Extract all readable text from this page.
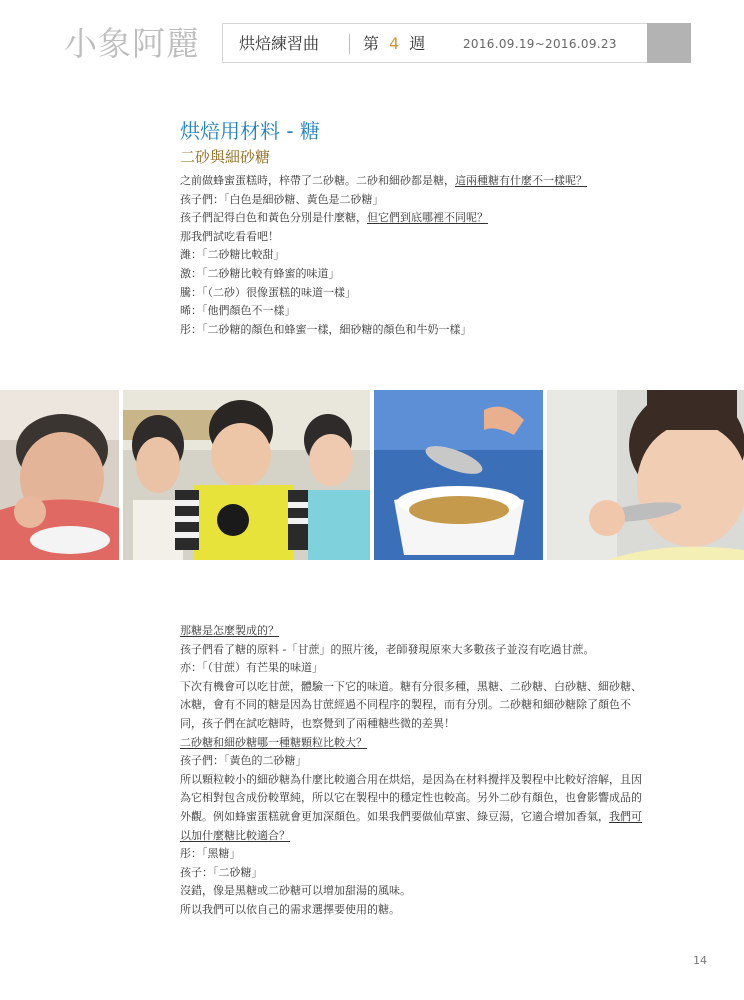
小象阿麗 烘焙練習曲	第 4 週	2016.09.19~2016.09.23
烘焙用材料 - 糖
二砂與細砂糖

之前做蜂蜜蛋糕時，梓帶了二砂糖。二砂和細砂都是糖，這兩種糖有什麼不一樣呢？

孩子們：「白色是細砂糖、黃色是二砂糖」

孩子們記得白色和黃色分別是什麼糖，但它們到底哪裡不同呢？

那我們試吃看看吧！

濰：「二砂糖比較甜」

激：「二砂糖比較有蜂蜜的味道」

騰：「（二砂）很像蛋糕的味道一樣」

晞：「他們顏色不一樣」

彤：「二砂糖的顏色和蜂蜜一樣，細砂糖的顏色和牛奶一樣」

那糖是怎麼製成的？

孩子們看了糖的原料 -「甘蔗」的照片後，老師發現原來大多數孩子並沒有吃過甘蔗。

亦：「（甘蔗）有芒果的味道」

下次有機會可以吃甘蔗，體驗一下它的味道。糖有分很多種，黑糖、二砂糖、白砂糖、細砂糖、冰糖，會有不同的糖是因為甘蔗經過不同程序的製程，而有分別。二砂糖和細砂糖除了顏色不同，孩子們在試吃糖時，也察覺到了兩種糖些微的差異！

二砂糖和細砂糖哪一種糖顆粒比較大？

孩子們：「黃色的二砂糖」

所以顆粒較小的細砂糖為什麼比較適合用在烘焙，是因為在材料攪拌及製程中比較好溶解，且因為它相對包含成份較單純，所以它在製程中的穩定性也較高。另外二砂有顏色，也會影響成品的外觀。例如蜂蜜蛋糕就會更加深顏色。如果我們要做仙草蜜、綠豆湯，它適合增加香氣，我們可以加什麼糖比較適合？

彤：「黑糖」

孩子：「二砂糖」

沒錯，像是黑糖或二砂糖可以增加甜湯的風味。

所以我們可以依自己的需求選擇要使用的糖。

14
